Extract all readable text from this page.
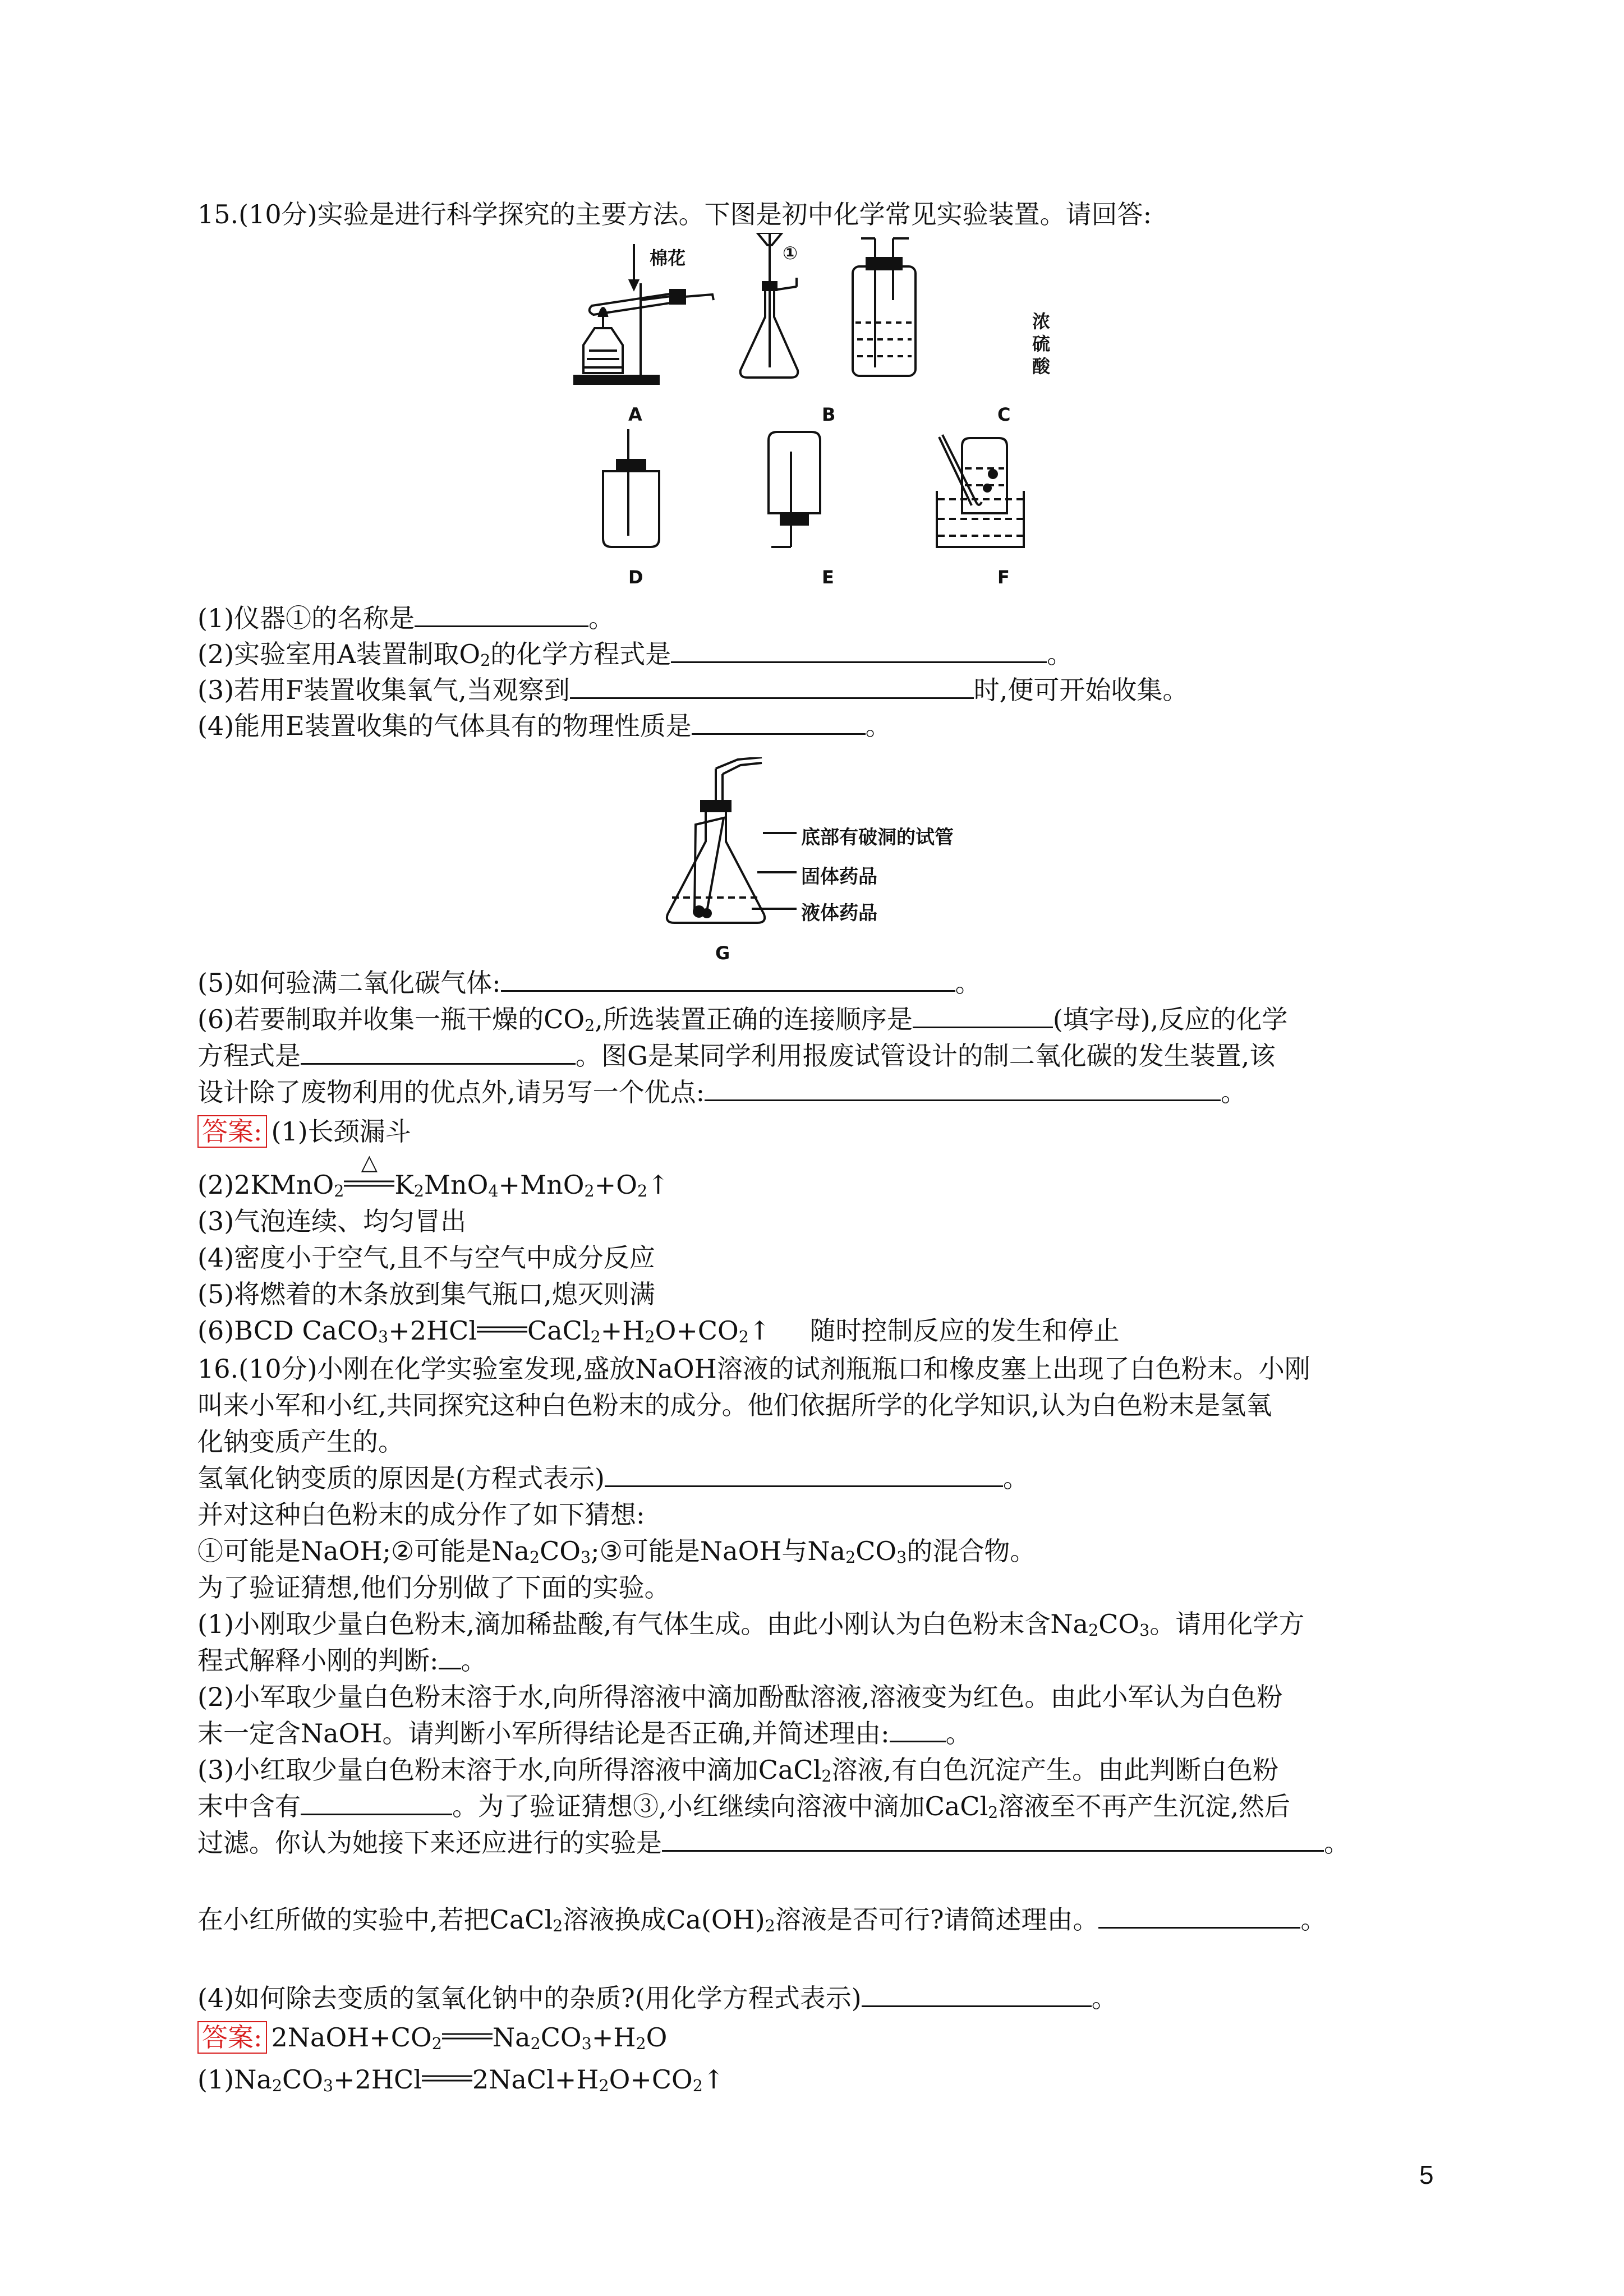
15.(10分)实验是进行科学探究的主要方法。下图是初中化学常见实验装置。请回答:
棉花	①
浓
硫
酸
A	B	C
D	E	F
(1)仪器①的名称是	。
(2)实验室用A装置制取$O_2$的化学方程式是	。
(3)若用F装置收集氧气,当观察到	时,便可开始收集。
(4)能用E装置收集的气体具有的物理性质是	。
底部有破洞的试管
固体药品
液体药品
G
(5)如何验满二氧化碳气体:	。
(6)若要制取并收集一瓶干燥的$CO_2$,所选装置正确的连接顺序是	(填字母),反应的化学
方程式是	。图G是某同学利用报废试管设计的制二氧化碳的发生装置,该
设计除了废物利用的优点外,请另写一个优点:	。
答案: (1)长颈漏斗
(2)2KMnO$_2$
△
$K_2MnO_4+MnO_2+O_2↑$
(3)气泡连续、均匀冒出
(4)密度小于空气,且不与空气中成分反应
(5)将燃着的木条放到集气瓶口,熄灭则满
(6)BCD CaCO$_3$+2HCl $CaCl_2+H_2O+CO_2↑$ 随时控制反应的发生和停止
16.(10分)小刚在化学实验室发现,盛放NaOH溶液的试剂瓶瓶口和橡皮塞上出现了白色粉末。小刚
叫来小军和小红,共同探究这种白色粉末的成分。他们依据所学的化学知识,认为白色粉末是氢氧
化钠变质产生的。
氢氧化钠变质的原因是(方程式表示)	。
并对这种白色粉末的成分作了如下猜想:
①可能是NaOH;②可能是$Na_2CO_3;③$可能是NaOH与$Na_2CO_3$的混合物。
为了验证猜想,他们分别做了下面的实验。
(1)小刚取少量白色粉末,滴加稀盐酸,有气体生成。由此小刚认为白色粉末含$Na_2CO_3$。请用化学方
程式解释小刚的判断: 。
(2)小军取少量白色粉末溶于水,向所得溶液中滴加酚酞溶液,溶液变为红色。由此小军认为白色粉
末一定含NaOH。请判断小军所得结论是否正确,并简述理由: 。
(3)小红取少量白色粉末溶于水,向所得溶液中滴加CaCl$_2$溶液,有白色沉淀产生。由此判断白色粉
末中含有	。为了验证猜想③,小红继续向溶液中滴加CaCl$_2$溶液至不再产生沉淀,然后
过滤。你认为她接下来还应进行的实验是	。
在小红所做的实验中,若把CaCl$_2$溶液换成$Ca(OH)_2$溶液是否可行?请简述理由。	。
(4)如何除去变质的氢氧化钠中的杂质?(用化学方程式表示)	。
答案: $2NaOH+CO_2$ $Na_2CO_3+H_2O$
$(1)Na_2CO_3+2HCl$ $2NaCl+H_2O+CO_2↑$
5
